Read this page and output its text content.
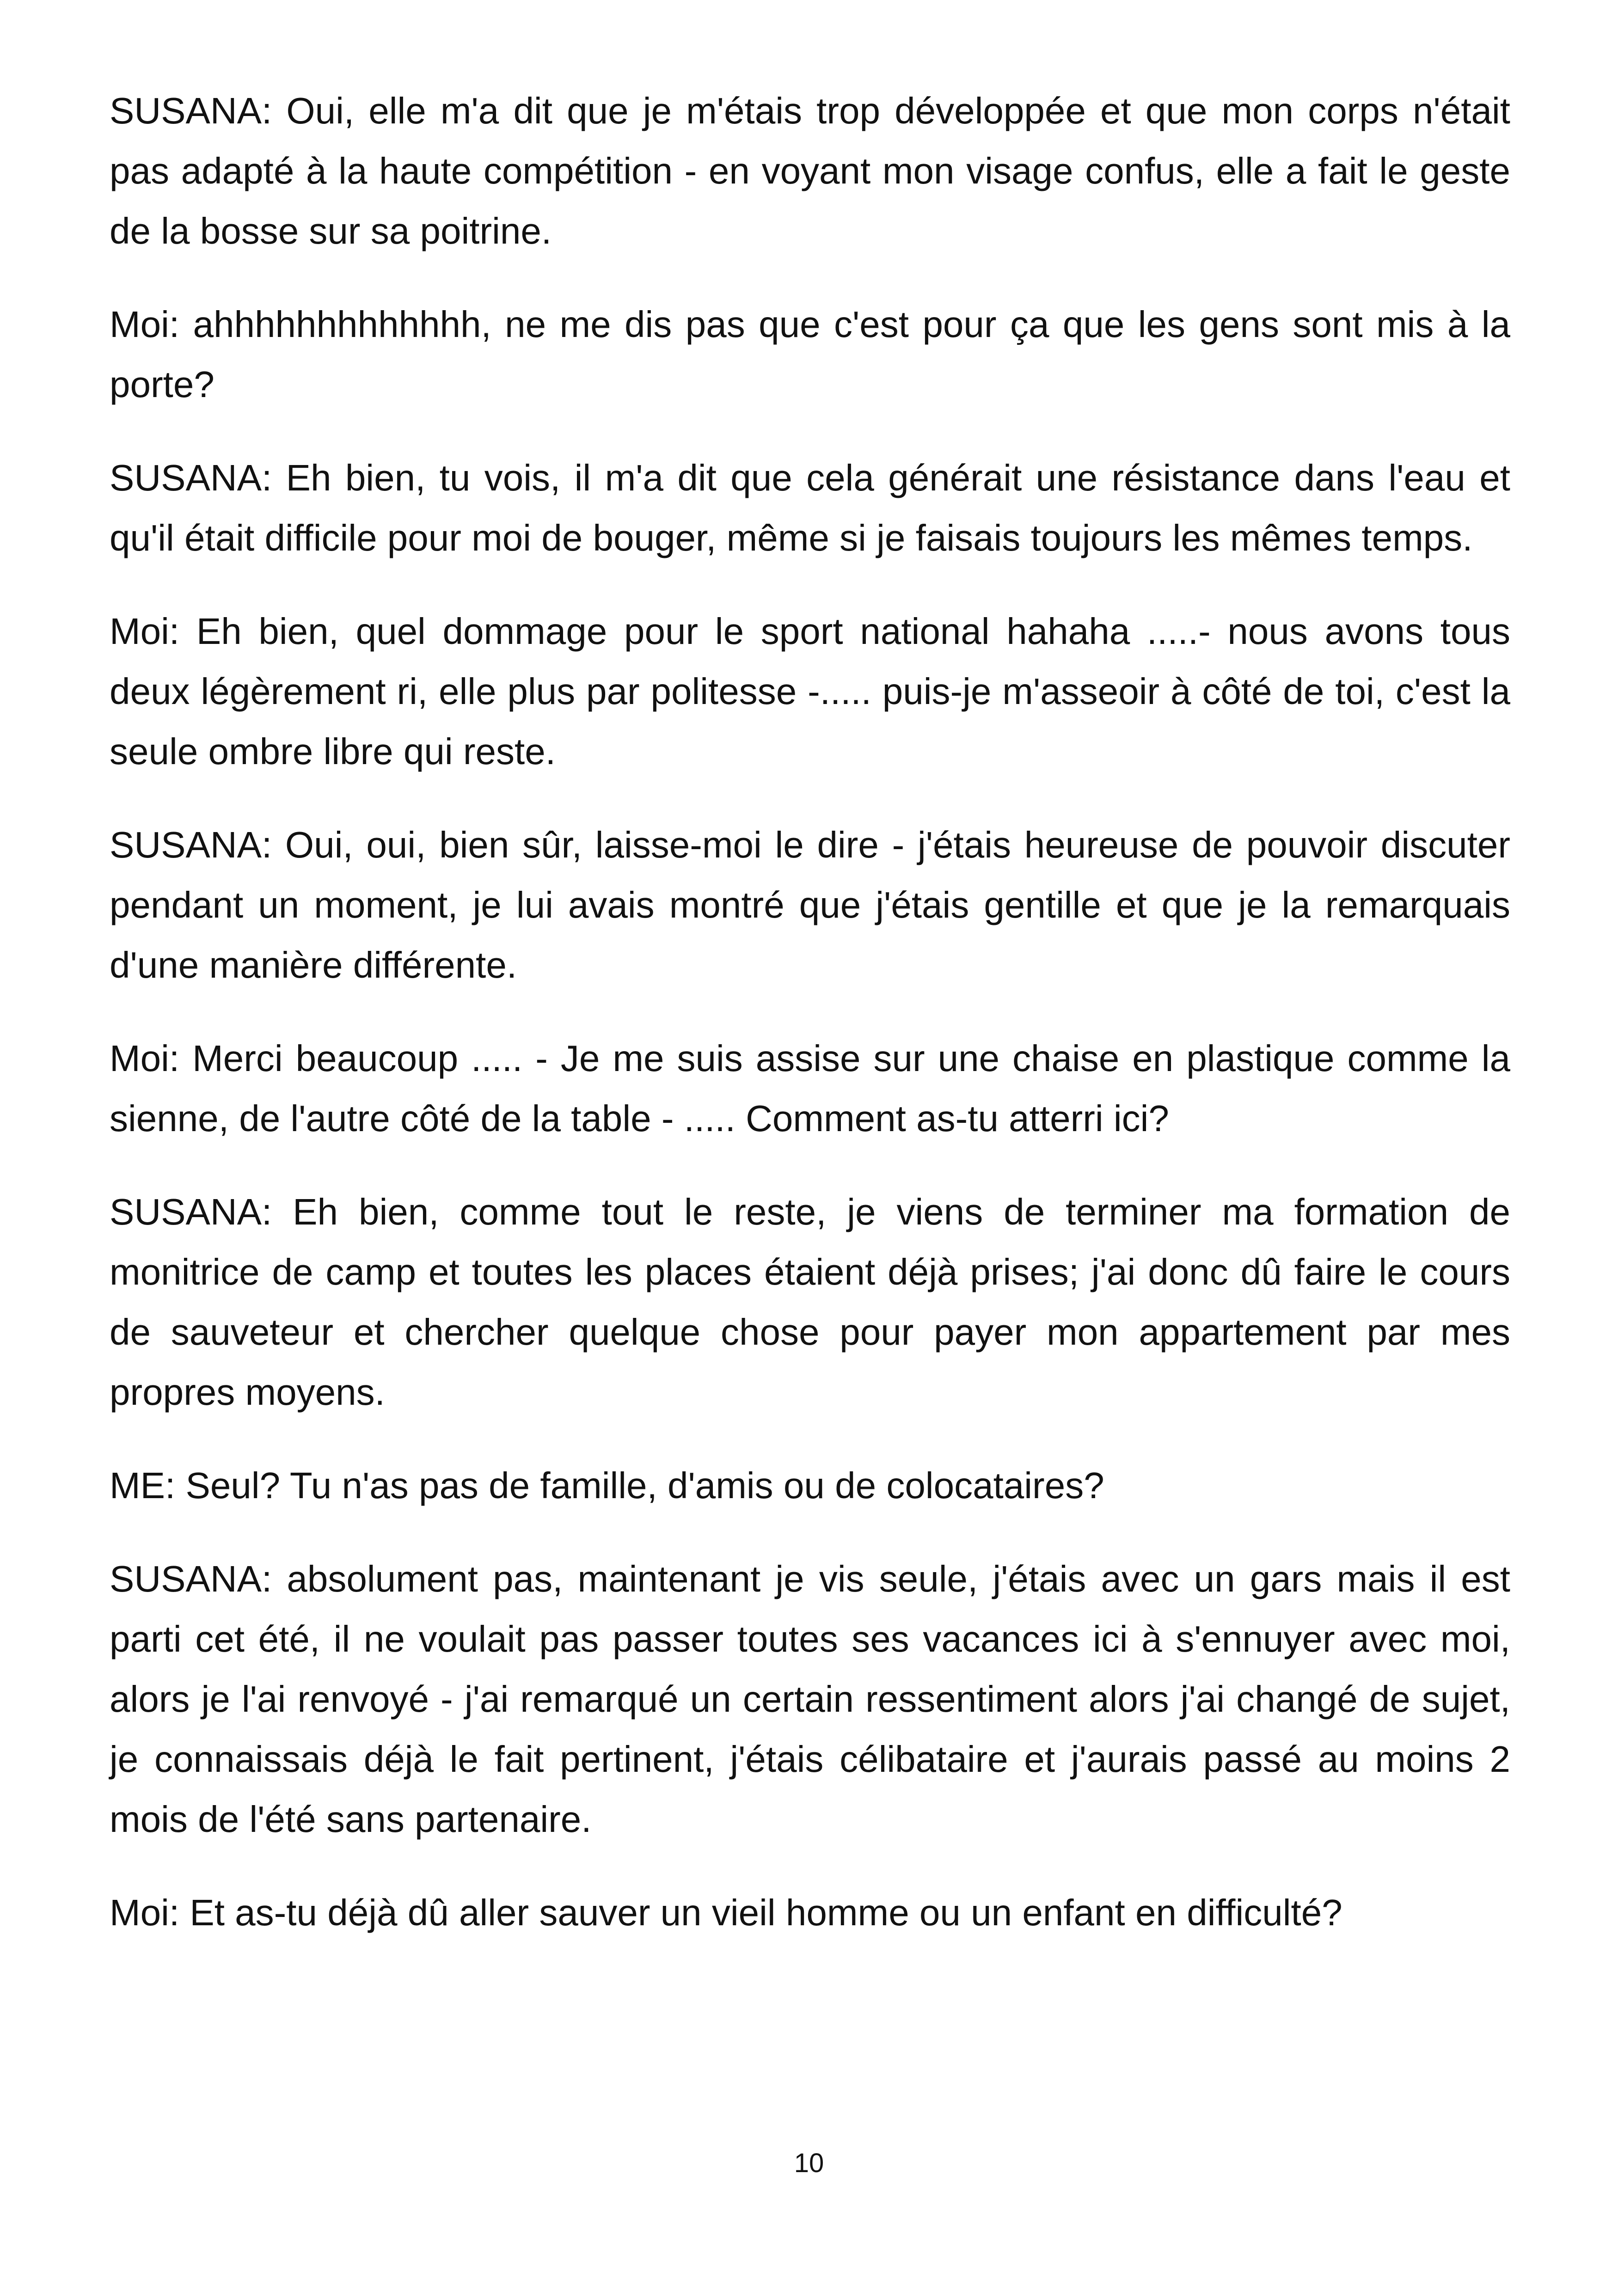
SUSANA: Oui, elle m'a dit que je m'étais trop développée et que mon corps n'était pas adapté à la haute compétition - en voyant mon visage confus, elle a fait le geste de la bosse sur sa poitrine.

Moi: ahhhhhhhhhhhhh, ne me dis pas que c'est pour ça que les gens sont mis à la porte?

SUSANA: Eh bien, tu vois, il m'a dit que cela générait une résistance dans l'eau et qu'il était difficile pour moi de bouger, même si je faisais toujours les mêmes temps.

Moi: Eh bien, quel dommage pour le sport national hahaha .....- nous avons tous deux légèrement ri, elle plus par politesse -..... puis-je m'asseoir à côté de toi, c'est la seule ombre libre qui reste.

SUSANA: Oui, oui, bien sûr, laisse-moi le dire - j'étais heureuse de pouvoir discuter pendant un moment, je lui avais montré que j'étais gentille et que je la remarquais d'une manière différente.

Moi: Merci beaucoup ..... - Je me suis assise sur une chaise en plastique comme la sienne, de l'autre côté de la table - ..... Comment as-tu atterri ici?

SUSANA: Eh bien, comme tout le reste, je viens de terminer ma formation de monitrice de camp et toutes les places étaient déjà prises; j'ai donc dû faire le cours de sauveteur et chercher quelque chose pour payer mon appartement par mes propres moyens.

ME: Seul? Tu n'as pas de famille, d'amis ou de colocataires?

SUSANA: absolument pas, maintenant je vis seule, j'étais avec un gars mais il est parti cet été, il ne voulait pas passer toutes ses vacances ici à s'ennuyer avec moi, alors je l'ai renvoyé - j'ai remarqué un certain ressentiment alors j'ai changé de sujet, je connaissais déjà le fait pertinent, j'étais célibataire et j'aurais passé au moins 2 mois de l'été sans partenaire.

Moi: Et as-tu déjà dû aller sauver un vieil homme ou un enfant en difficulté?

10
